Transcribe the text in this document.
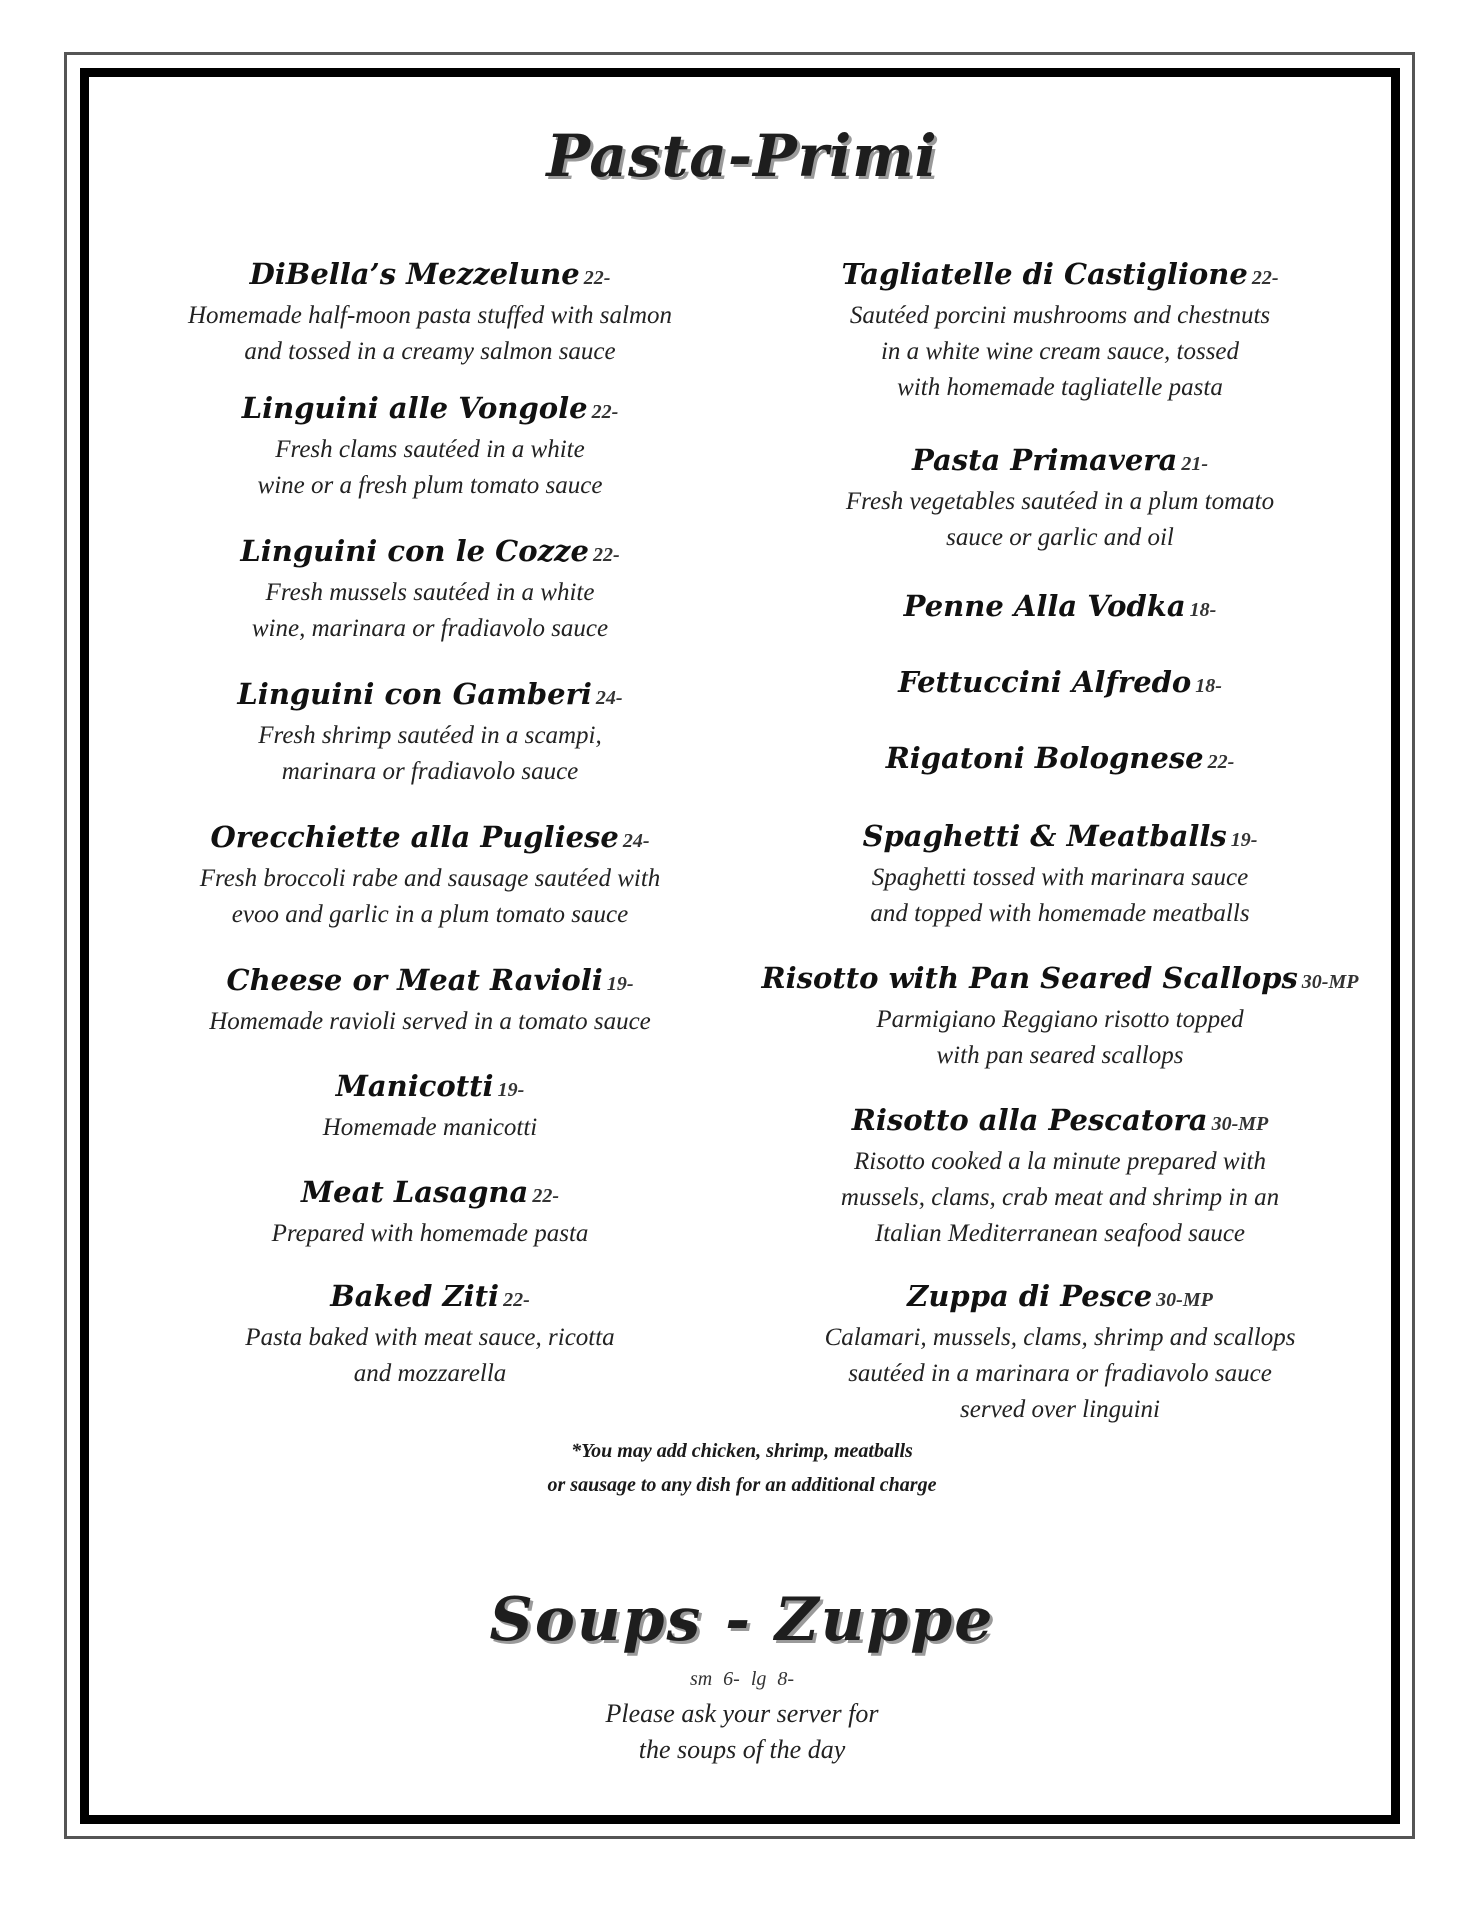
Pasta-Primi
DiBella’s Mezzelune 22-
Homemade half-moon pasta stuffed with salmon
and tossed in a creamy salmon sauce
Linguini alle Vongole 22-
Fresh clams sautéed in a white
wine or a fresh plum tomato sauce
Linguini con le Cozze 22-
Fresh mussels sautéed in a white
wine, marinara or fradiavolo sauce
Linguini con Gamberi 24-
Fresh shrimp sautéed in a scampi,
marinara or fradiavolo sauce
Orecchiette alla Pugliese 24-
Fresh broccoli rabe and sausage sautéed with
evoo and garlic in a plum tomato sauce
Cheese or Meat Ravioli 19-
Homemade ravioli served in a tomato sauce
Manicotti 19-
Homemade manicotti
Meat Lasagna 22-
Prepared with homemade pasta
Baked Ziti 22-
Pasta baked with meat sauce, ricotta
and mozzarella
Tagliatelle di Castiglione 22-
Sautéed porcini mushrooms and chestnuts
in a white wine cream sauce, tossed
with homemade tagliatelle pasta
Pasta Primavera 21-
Fresh vegetables sautéed in a plum tomato
sauce or garlic and oil
Penne Alla Vodka 18-
Fettuccini Alfredo 18-
Rigatoni Bolognese 22-
Spaghetti & Meatballs 19-
Spaghetti tossed with marinara sauce
and topped with homemade meatballs
Risotto with Pan Seared Scallops 30-MP
Parmigiano Reggiano risotto topped
with pan seared scallops
Risotto alla Pescatora 30-MP
Risotto cooked a la minute prepared with
mussels, clams, crab meat and shrimp in an
Italian Mediterranean seafood sauce
Zuppa di Pesce 30-MP
Calamari, mussels, clams, shrimp and scallops
sautéed in a marinara or fradiavolo sauce
served over linguini
*You may add chicken, shrimp, meatballs
or sausage to any dish for an additional charge
Soups - Zuppe
sm 6- lg 8-
Please ask your server for
the soups of the day
